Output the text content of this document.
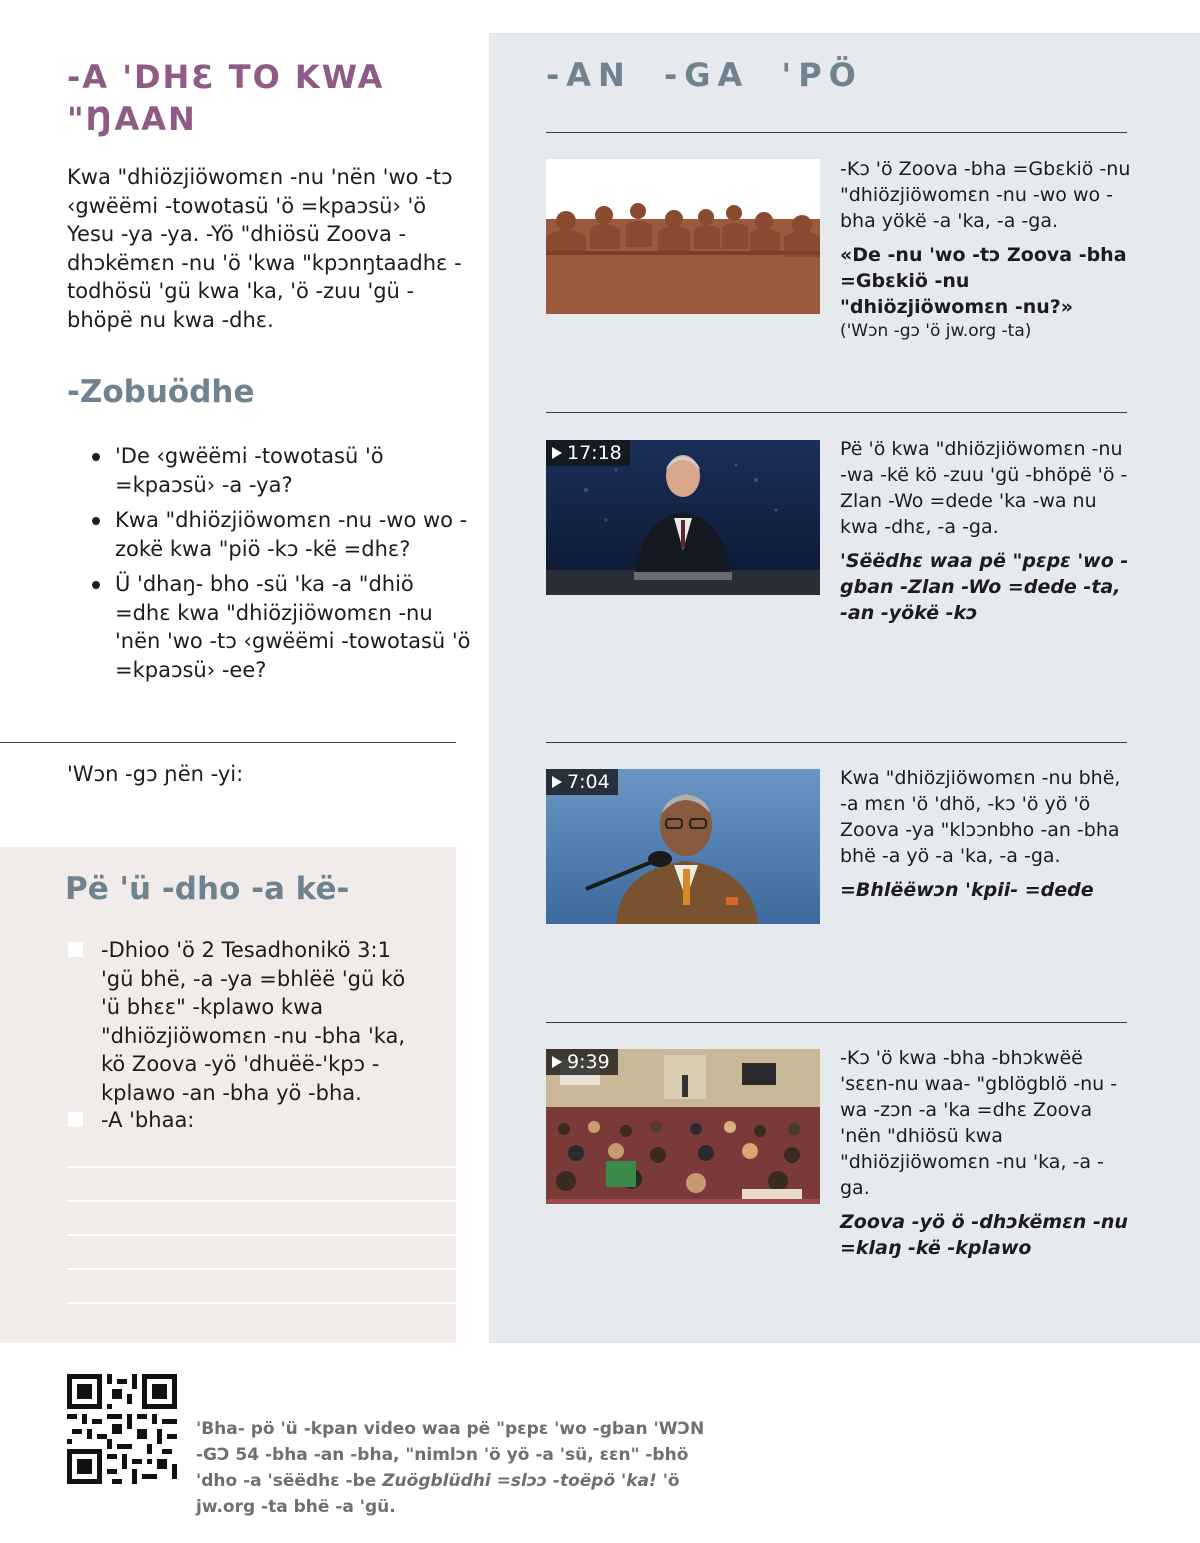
-A 'DHƐ TO KWA
"ŊAAN
Kwa "dhiözjiöwomɛn -nu 'nën 'wo -tɔ ‹gwëëmi -towotasü 'ö =kpaɔsü› 'ö Yesu -ya -ya. -Yö "dhiösü Zoova -dhɔkëmɛn -nu 'ö 'kwa "kpɔnŋtaadhɛ -todhösü 'gü kwa 'ka, 'ö -zuu 'gü -bhöpë nu kwa -dhɛ.
-Zobuödhe
'De ‹gwëëmi -towotasü 'ö =kpaɔsü› -a -ya?
Kwa "dhiözjiöwomɛn -nu -wo wo -zokë kwa "piö -kɔ -kë =dhɛ?
Ü 'dhaŋ- bho -sü 'ka -a "dhiö =dhɛ kwa "dhiözjiöwomɛn -nu 'nën 'wo -tɔ ‹gwëëmi -towotasü 'ö =kpaɔsü› -ee?
'Wɔn -gɔ ɲën -yi:
Pë 'ü -dho -a kë-
-Dhioo 'ö 2 Tesadhonikö 3:1 'gü bhë, -a -ya =bhlëë 'gü kö 'ü bhɛɛ" -kplawo kwa "dhiözjiöwomɛn -nu -bha 'ka, kö Zoova -yö 'dhuëë-'kpɔ -kplawo -an -bha yö -bha.
-A 'bhaa:
-AN -GA 'PÖ
-Kɔ 'ö Zoova -bha =Gbɛkiö -nu "dhiözjiöwomɛn -nu -wo wo -bha yökë -a 'ka, -a -ga.
«De -nu 'wo -tɔ Zoova -bha =Gbɛkiö -nu "dhiözjiöwomɛn -nu?»
('Wɔn -gɔ 'ö jw.org -ta)
17:18	Pë 'ö kwa "dhiözjiöwomɛn -nu -wa -kë kö -zuu 'gü -bhöpë 'ö -Zlan -Wo =dede 'ka -wa nu kwa -dhɛ, -a -ga.
'Sëëdhɛ waa pë "pɛpɛ 'wo -gban -Zlan -Wo =dede -ta, -an -yökë -kɔ
7:04	Kwa "dhiözjiöwomɛn -nu bhë, -a mɛn 'ö 'dhö, -kɔ 'ö yö 'ö Zoova -ya "klɔɔnbho -an -bha bhë -a yö -a 'ka, -a -ga.
=Bhlëëwɔn 'kpii- =dede
9:39	-Kɔ 'ö kwa -bha -bhɔkwëë 'sɛɛn-nu waa- "gblögblö -nu -wa -zɔn -a 'ka =dhɛ Zoova 'nën "dhiösü kwa "dhiözjiöwomɛn -nu 'ka, -a -ga.
Zoova -yö ö -dhɔkëmɛn -nu =klaŋ -kë -kplawo
'Bha- pö 'ü -kpan video waa pë "pɛpɛ 'wo -gban 'WƆN -GƆ 54 -bha -an -bha, "nimlɔn 'ö yö -a 'sü, ɛɛn" -bhö 'dho -a 'sëëdhɛ -be Zuögblüdhi =slɔɔ -toëpö 'ka! 'ö jw.org -ta bhë -a 'gü.
